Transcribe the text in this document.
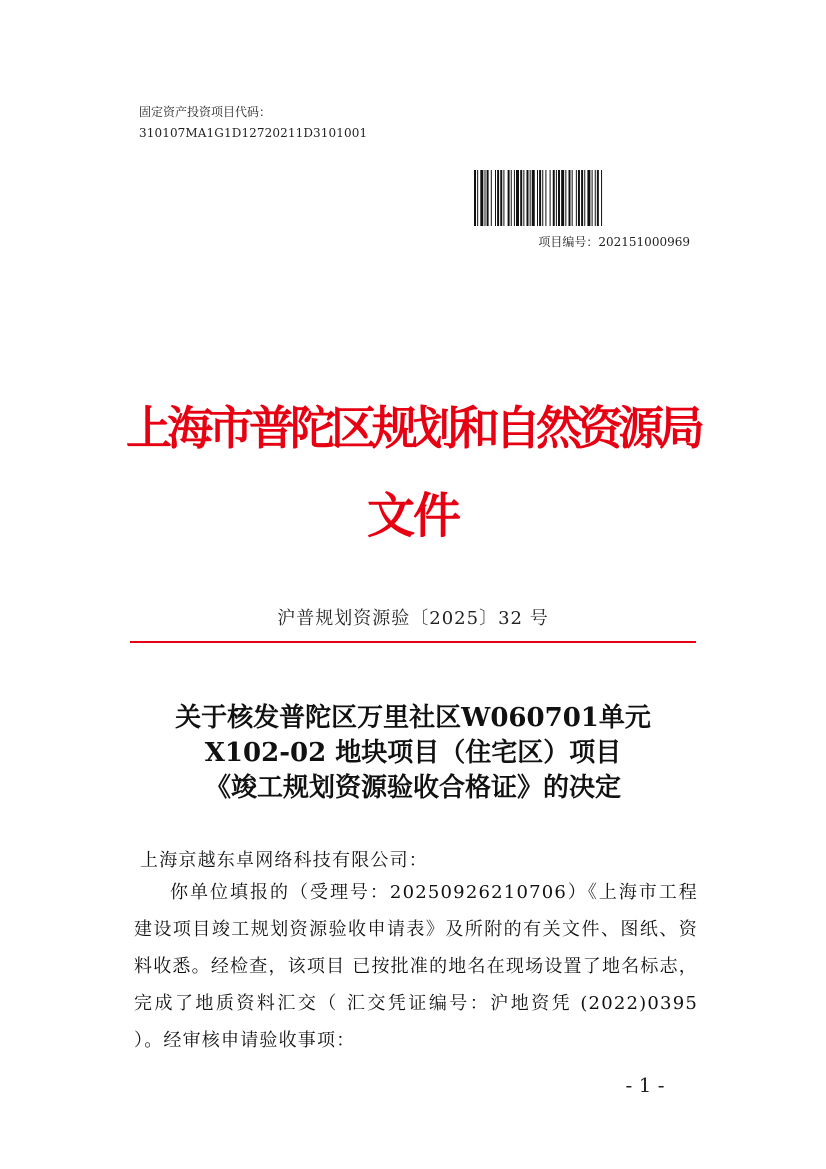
固定资产投资项目代码：
310107MA1G1D12720211D3101001
项目编号：202151000969
上海市普陀区规划和自然资源局
文件
沪普规划资源验〔2025〕32 号
关于核发普陀区万里社区W060701单元
X102-02 地块项目（住宅区）项目
《竣工规划资源验收合格证》的决定
上海京越东卓网络科技有限公司：
你单位填报的（受理号：20250926210706）《上海市工程建设项目竣工规划资源验收申请表》及所附的有关文件、图纸、资料收悉。经检查，该项目 已按批准的地名在现场设置了地名标志，完成了地质资料汇交（ 汇交凭证编号：沪地资凭 (2022)0395 ）。经审核申请验收事项：
- 1 -
